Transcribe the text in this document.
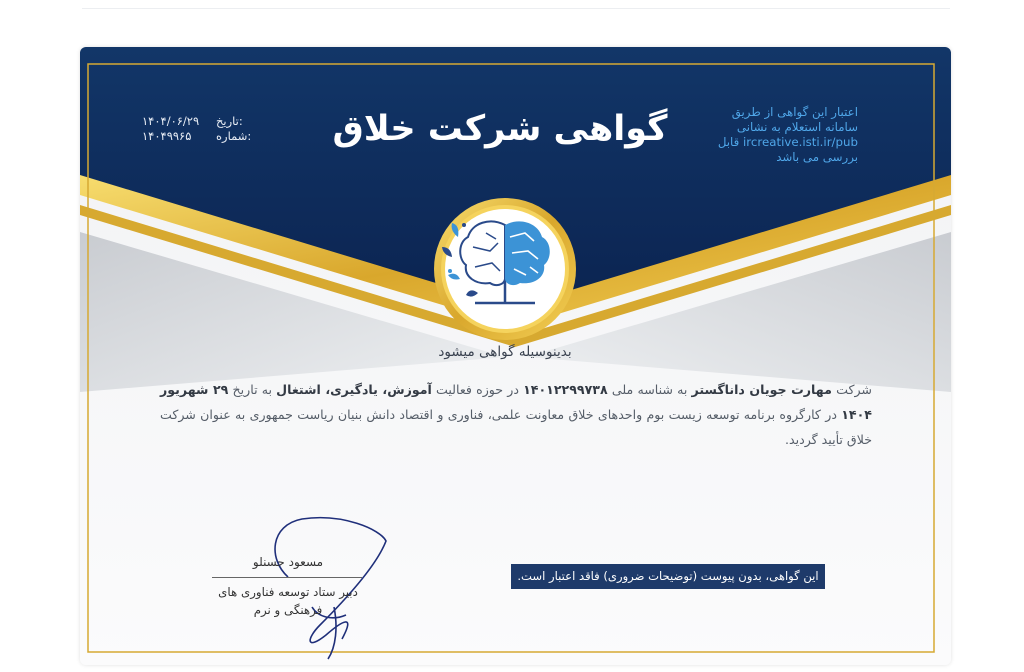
گواهی شرکت خلاق
تاریخ:
۱۴۰۴/۰۶/۲۹
شماره:
۱۴۰۴۹۹۶۵
اعتبار این گواهی از طریق سامانه استعلام به نشانی ircreative.isti.ir/pub قابل بررسی می باشد
بدینوسیله گواهی میشود
شرکت مهارت جویان داناگستر به شناسه ملی ۱۴۰۱۲۲۹۹۷۳۸ در حوزه فعالیت آموزش، یادگیری، اشتغال به تاریخ ۲۹ شهریور ۱۴۰۴ در کارگروه برنامه توسعه زیست بوم واحدهای خلاق معاونت علمی، فناوری و اقتصاد دانش بنیان ریاست جمهوری به عنوان شرکت خلاق تأیید گردید.
این گواهی، بدون پیوست (توضیحات ضروری) فاقد اعتبار است.
مسعود حسنلو
دبیر ستاد توسعه فناوری های فرهنگی و نرم
